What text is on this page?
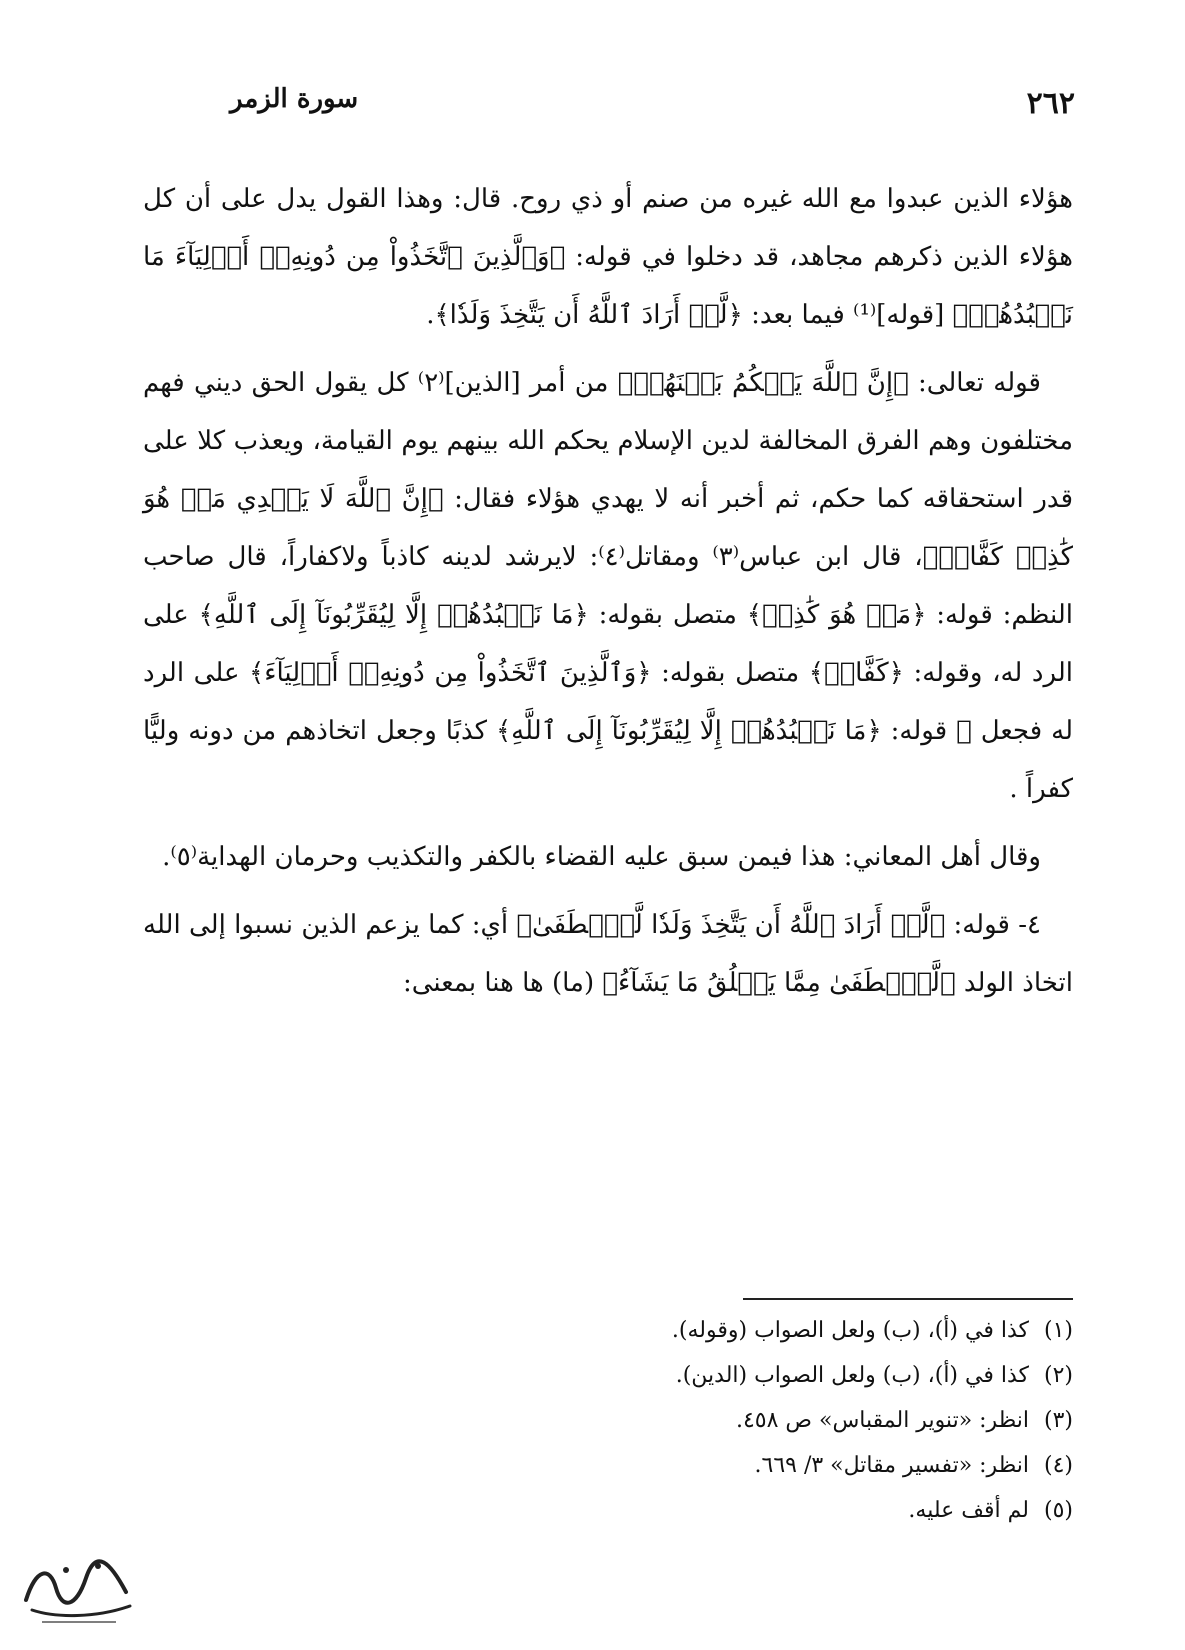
سورة الزمر	٢٦٢

هؤلاء الذين عبدوا مع الله غيره من صنم أو ذي روح. قال: وهذا القول يدل على أن كل هؤلاء الذين ذكرهم مجاهد، قد دخلوا في قوله: ﴿وَٱلَّذِينَ ٱتَّخَذُواْ مِن دُونِهِۦٓ أَوۡلِيَآءَ مَا نَعۡبُدُهُمۡ﴾ [قوله]⁽¹⁾ فيما بعد: ﴿لَّوۡ أَرَادَ ٱللَّهُ أَن يَتَّخِذَ وَلَدٗا﴾.

قوله تعالى: ﴿إِنَّ ٱللَّهَ يَحۡكُمُ بَيۡنَهُمۡ﴾ من أمر [الذين]⁽٢⁾ كل يقول الحق ديني فهم مختلفون وهم الفرق المخالفة لدين الإسلام يحكم الله بينهم يوم القيامة، ويعذب كلا على قدر استحقاقه كما حكم، ثم أخبر أنه لا يهدي هؤلاء فقال: ﴿إِنَّ ٱللَّهَ لَا يَهۡدِي مَنۡ هُوَ كَٰذِبٞ كَفَّارٞ﴾، قال ابن عباس⁽٣⁾ ومقاتل⁽٤⁾: لايرشد لدينه كاذباً ولاكفاراً، قال صاحب النظم: قوله: ﴿مَنۡ هُوَ كَٰذِبٞ﴾ متصل بقوله: ﴿مَا نَعۡبُدُهُمۡ إِلَّا لِيُقَرِّبُونَآ إِلَى ٱللَّهِ﴾ على الرد له، وقوله: ﴿كَفَّارٞ﴾ متصل بقوله: ﴿وَٱلَّذِينَ ٱتَّخَذُواْ مِن دُونِهِۦٓ أَوۡلِيَآءَ﴾ على الرد له فجعل ﷺ قوله: ﴿مَا نَعۡبُدُهُمۡ إِلَّا لِيُقَرِّبُونَآ إِلَى ٱللَّهِ﴾ كذبًا وجعل اتخاذهم من دونه وليًّا كفراً .

وقال أهل المعاني: هذا فيمن سبق عليه القضاء بالكفر والتكذيب وحرمان الهداية⁽٥⁾.

٤- قوله: ﴿لَّوۡ أَرَادَ ٱللَّهُ أَن يَتَّخِذَ وَلَدٗا لَّٱصۡطَفَىٰ﴾ أي: كما يزعم الذين نسبوا إلى الله اتخاذ الولد ﴿لَّٱصۡطَفَىٰ مِمَّا يَخۡلُقُ مَا يَشَآءُ﴾ (ما) ها هنا بمعنى:

(١) كذا في (أ)، (ب) ولعل الصواب (وقوله).
(٢) كذا في (أ)، (ب) ولعل الصواب (الدين).
(٣) انظر: «تنوير المقباس» ص ٤٥٨.
(٤) انظر: «تفسير مقاتل» ٣/ ٦٦٩.
(٥) لم أقف عليه.
